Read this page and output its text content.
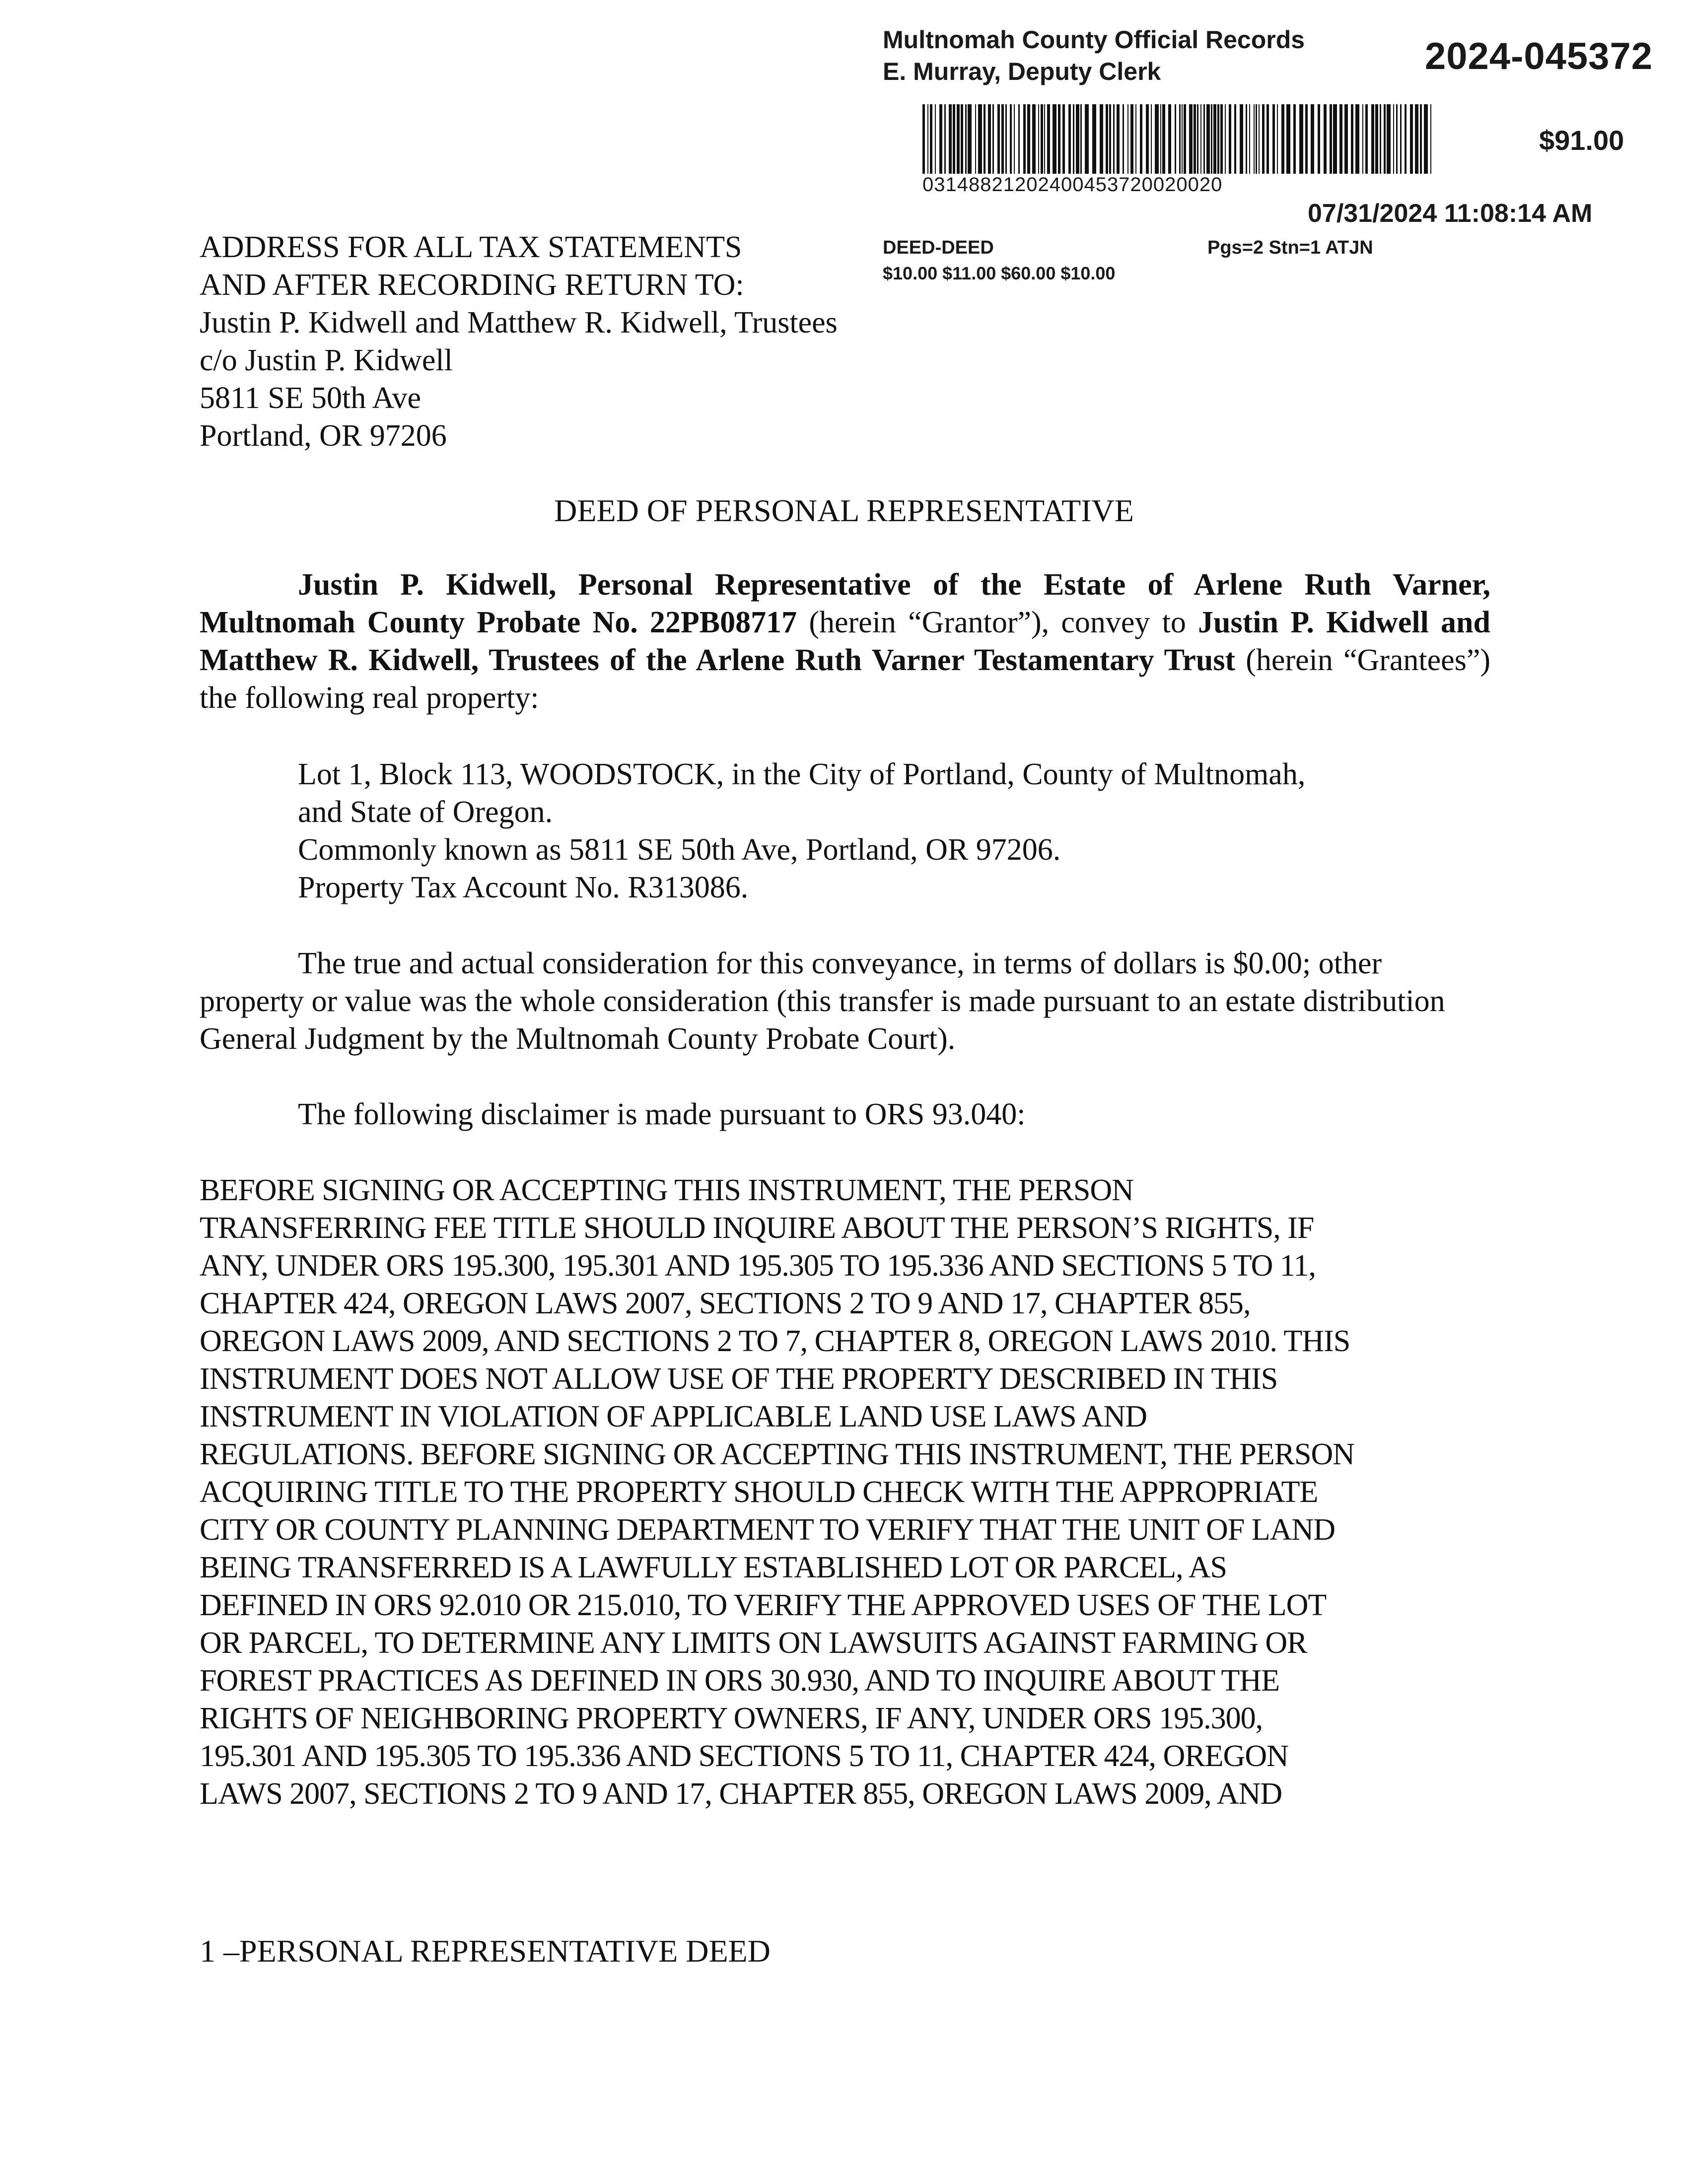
Multnomah County Official Records
E. Murray, Deputy Clerk	2024-045372
$91.00
03148821202400453720020020
07/31/2024 11:08:14 AM
DEED-DEED	Pgs=2 Stn=1 ATJN
$10.00 $11.00 $60.00 $10.00
ADDRESS FOR ALL TAX STATEMENTS
AND AFTER RECORDING RETURN TO:
Justin P. Kidwell and Matthew R. Kidwell, Trustees
c/o Justin P. Kidwell
5811 SE 50th Ave
Portland, OR 97206
DEED OF PERSONAL REPRESENTATIVE
Justin P. Kidwell, Personal Representative of the Estate of Arlene Ruth Varner, Multnomah County Probate No. 22PB08717 (herein “Grantor”), convey to Justin P. Kidwell and Matthew R. Kidwell, Trustees of the Arlene Ruth Varner Testamentary Trust (herein “Grantees”) the following real property:
Lot 1, Block 113, WOODSTOCK, in the City of Portland, County of Multnomah,
and State of Oregon.
Commonly known as 5811 SE 50th Ave, Portland, OR 97206.
Property Tax Account No. R313086.
The true and actual consideration for this conveyance, in terms of dollars is $0.00; other property or value was the whole consideration (this transfer is made pursuant to an estate distribution General Judgment by the Multnomah County Probate Court).
The following disclaimer is made pursuant to ORS 93.040:
BEFORE SIGNING OR ACCEPTING THIS INSTRUMENT, THE PERSON
TRANSFERRING FEE TITLE SHOULD INQUIRE ABOUT THE PERSON’S RIGHTS, IF
ANY, UNDER ORS 195.300, 195.301 AND 195.305 TO 195.336 AND SECTIONS 5 TO 11,
CHAPTER 424, OREGON LAWS 2007, SECTIONS 2 TO 9 AND 17, CHAPTER 855,
OREGON LAWS 2009, AND SECTIONS 2 TO 7, CHAPTER 8, OREGON LAWS 2010. THIS
INSTRUMENT DOES NOT ALLOW USE OF THE PROPERTY DESCRIBED IN THIS
INSTRUMENT IN VIOLATION OF APPLICABLE LAND USE LAWS AND
REGULATIONS. BEFORE SIGNING OR ACCEPTING THIS INSTRUMENT, THE PERSON
ACQUIRING TITLE TO THE PROPERTY SHOULD CHECK WITH THE APPROPRIATE
CITY OR COUNTY PLANNING DEPARTMENT TO VERIFY THAT THE UNIT OF LAND
BEING TRANSFERRED IS A LAWFULLY ESTABLISHED LOT OR PARCEL, AS
DEFINED IN ORS 92.010 OR 215.010, TO VERIFY THE APPROVED USES OF THE LOT
OR PARCEL, TO DETERMINE ANY LIMITS ON LAWSUITS AGAINST FARMING OR
FOREST PRACTICES AS DEFINED IN ORS 30.930, AND TO INQUIRE ABOUT THE
RIGHTS OF NEIGHBORING PROPERTY OWNERS, IF ANY, UNDER ORS 195.300,
195.301 AND 195.305 TO 195.336 AND SECTIONS 5 TO 11, CHAPTER 424, OREGON
LAWS 2007, SECTIONS 2 TO 9 AND 17, CHAPTER 855, OREGON LAWS 2009, AND
1 –PERSONAL REPRESENTATIVE DEED
